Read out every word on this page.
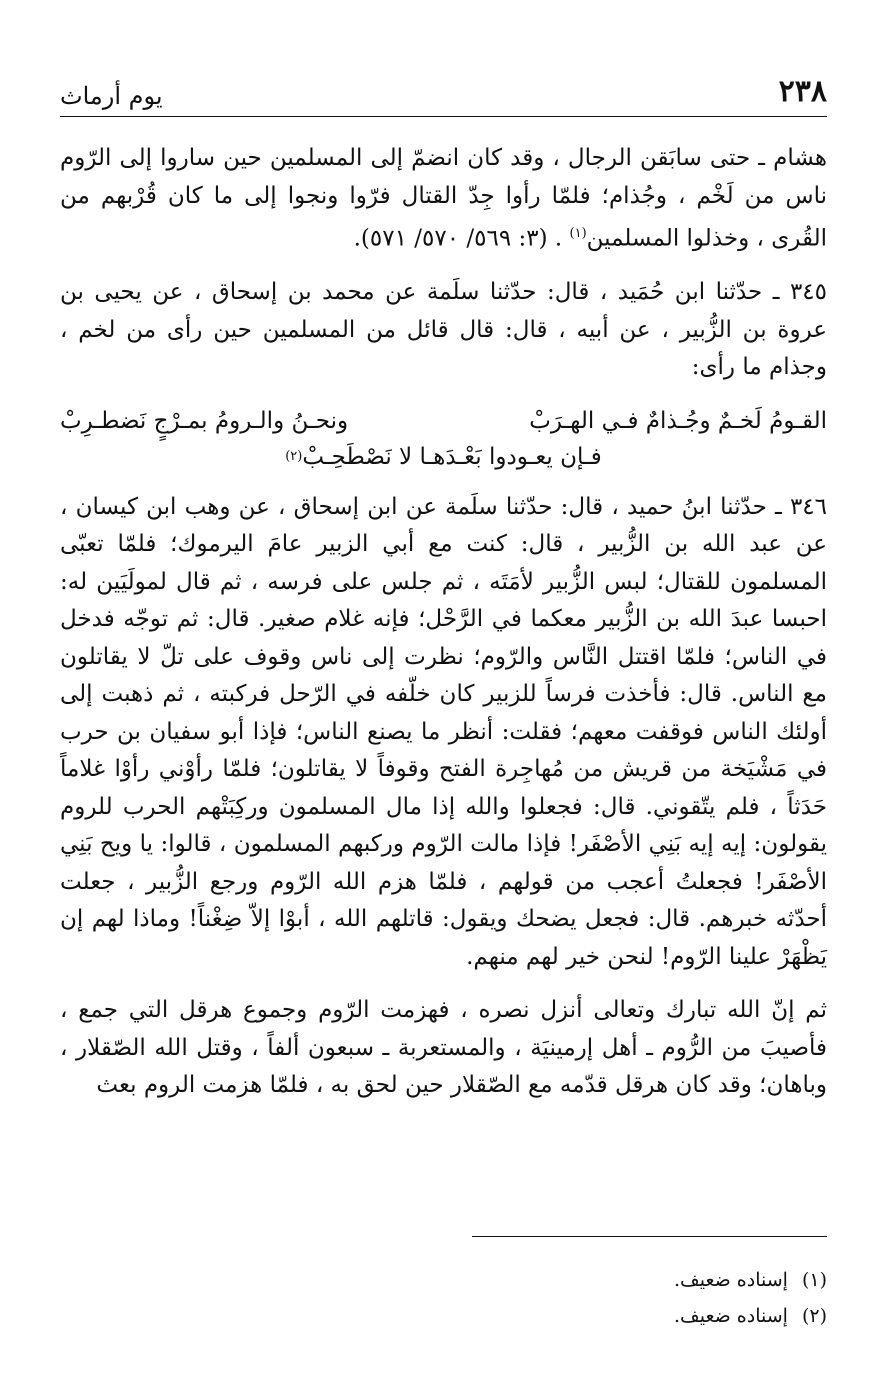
٢٣٨
يوم أرماث

هشام ـ حتى سابَقن الرجال ، وقد كان انضمّ إلى المسلمين حين ساروا إلى الرّوم ناس من لَخْم ، وجُذام؛ فلمّا رأوا جِدّ القتال فرّوا ونجوا إلى ما كان قُرْبهم من القُرى ، وخذلوا المسلمين$^{(١)}$ . (٣: ٥٦٩/ ٥٧٠/ ٥٧١).

٣٤٥ ـ حدّثنا ابن حُمَيد ، قال: حدّثنا سلَمة عن محمد بن إسحاق ، عن يحيى بن عروة بن الزُّبير ، عن أبيه ، قال: قال قائل من المسلمين حين رأى من لخم ، وجذام ما رأى:

القـومُ لَخـمٌ وجُـذامٌ فـي الهـرَبْ
ونحـنُ والـرومُ بمـرْجٍ نَضطـرِبْ
فـإن يعـودوا بَعْـدَهـا لا نَصْطَحِـبْ
(٢)

٣٤٦ ـ حدّثنا ابنُ حميد ، قال: حدّثنا سلَمة عن ابن إسحاق ، عن وهب ابن كيسان ، عن عبد الله بن الزُّبير ، قال: كنت مع أبي الزبير عامَ اليرموك؛ فلمّا تعبّى المسلمون للقتال؛ لبس الزُّبير لأمَتَه ، ثم جلس على فرسه ، ثم قال لمولَيَين له: احبسا عبدَ الله بن الزُّبير معكما في الرَّحْل؛ فإنه غلام صغير. قال: ثم توجّه فدخل في الناس؛ فلمّا اقتتل النَّاس والرّوم؛ نظرت إلى ناس وقوف على تلّ لا يقاتلون مع الناس. قال: فأخذت فرساً للزبير كان خلّفه في الرّحل فركبته ، ثم ذهبت إلى أولئك الناس فوقفت معهم؛ فقلت: أنظر ما يصنع الناس؛ فإذا أبو سفيان بن حرب في مَشْيَخة من قريش من مُهاجِرة الفتح وقوفاً لا يقاتلون؛ فلمّا رأوْني رأوْا غلاماً حَدَثاً ، فلم يتّقوني. قال: فجعلوا والله إذا مال المسلمون وركِبَتْهم الحرب للروم يقولون: إيه إيه بَنِي الأصْفَر! فإذا مالت الرّوم وركبهم المسلمون ، قالوا: يا ويح بَنِي الأصْفَر! فجعلتُ أعجب من قولهم ، فلمّا هزم الله الرّوم ورجع الزُّبير ، جعلت أحدّثه خبرهم. قال: فجعل يضحك ويقول: قاتلهم الله ، أبوْا إلاّ ضِغْناً! وماذا لهم إن يَظْهَرْ علينا الرّوم! لنحن خير لهم منهم.

ثم إنّ الله تبارك وتعالى أنزل نصره ، فهزمت الرّوم وجموع هرقل التي جمع ، فأصيبَ من الرُّوم ـ أهل إرمينيَة ، والمستعربة ـ سبعون ألفاً ، وقتل الله الصّقلار ، وباهان؛ وقد كان هرقل قدّمه مع الصّقلار حين لحق به ، فلمّا هزمت الروم بعث

(١)
إسناده ضعيف.
(٢)
إسناده ضعيف.
